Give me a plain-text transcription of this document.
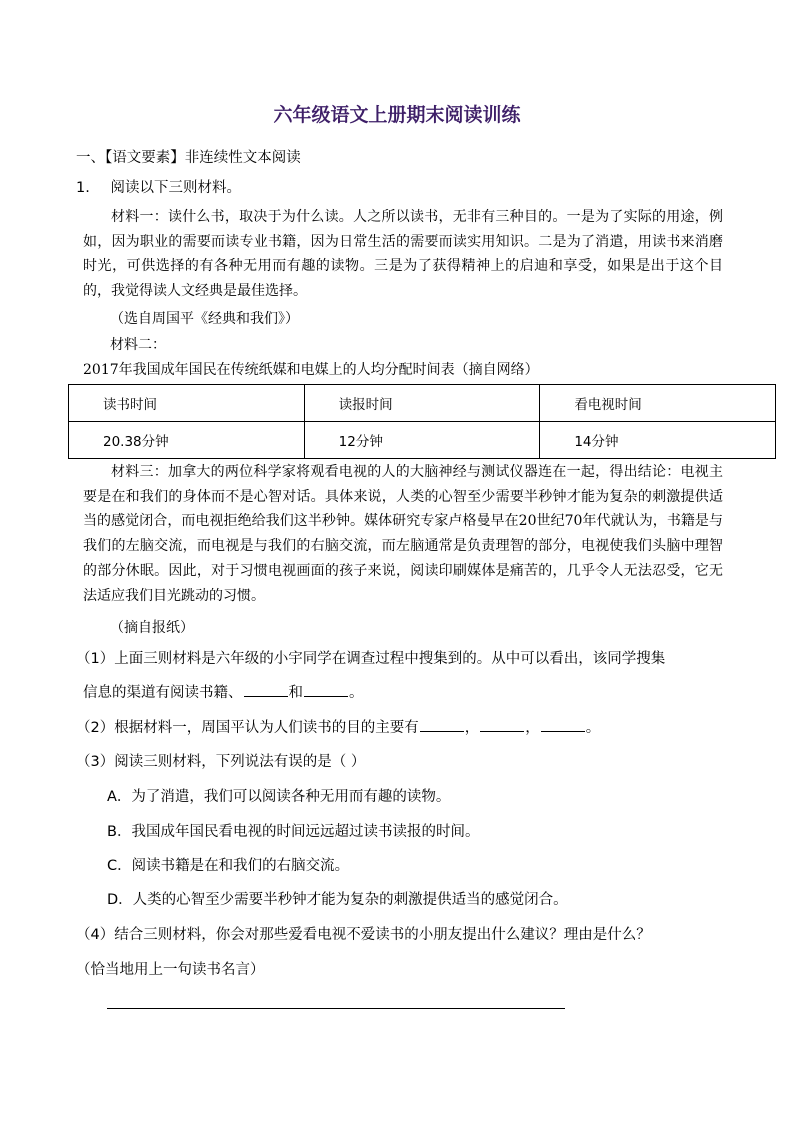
六年级语文上册期末阅读训练
一、【语文要素】非连续性文本阅读
1. 阅读以下三则材料。

材料一：读什么书，取决于为什么读。人之所以读书，无非有三种目的。一是为了实际的用途，例如，因为职业的需要而读专业书籍，因为日常生活的需要而读实用知识。二是为了消遣，用读书来消磨时光，可供选择的有各种无用而有趣的读物。三是为了获得精神上的启迪和享受，如果是出于这个目的，我觉得读人文经典是最佳选择。

（选自周国平《经典和我们》）
材料二：
2017年我国成年国民在传统纸媒和电媒上的人均分配时间表（摘自网络）
读书时间	读报时间	看电视时间
20.38分钟	12分钟	14分钟

材料三：加拿大的两位科学家将观看电视的人的大脑神经与测试仪器连在一起，得出结论：电视主要是在和我们的身体而不是心智对话。具体来说，人类的心智至少需要半秒钟才能为复杂的刺激提供适当的感觉闭合，而电视拒绝给我们这半秒钟。媒体研究专家卢格曼早在20世纪70年代就认为，书籍是与我们的左脑交流，而电视是与我们的右脑交流，而左脑通常是负责理智的部分，电视使我们头脑中理智的部分休眠。因此，对于习惯电视画面的孩子来说，阅读印刷媒体是痛苦的，几乎令人无法忍受，它无法适应我们目光跳动的习惯。

（摘自报纸）
（1）上面三则材料是六年级的小宇同学在调查过程中搜集到的。从中可以看出，该同学搜集
信息的渠道有阅读书籍、	和	。
（2）根据材料一，周国平认为人们读书的目的主要有	，	，	。
（3）阅读三则材料，下列说法有误的是（ ）
A．为了消遣，我们可以阅读各种无用而有趣的读物。
B．我国成年国民看电视的时间远远超过读书读报的时间。
C．阅读书籍是在和我们的右脑交流。
D．人类的心智至少需要半秒钟才能为复杂的刺激提供适当的感觉闭合。
（4）结合三则材料，你会对那些爱看电视不爱读书的小朋友提出什么建议？理由是什么？
（恰当地用上一句读书名言）
